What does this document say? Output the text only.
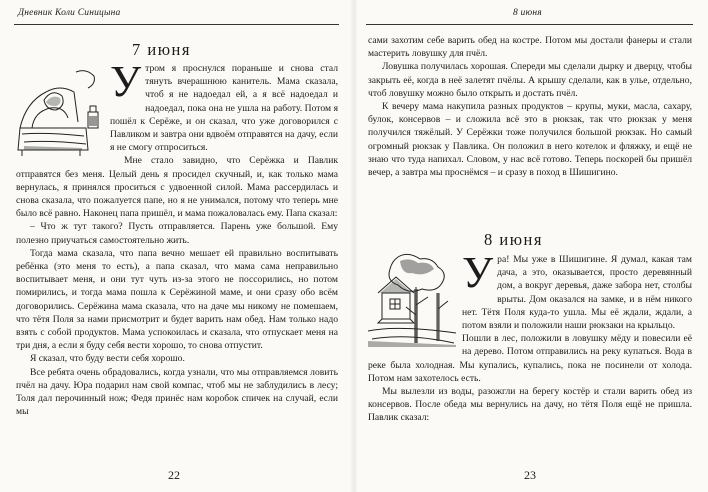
Дневник Коли Синицына
7 июня
У тром я проснулся пораньше и снова стал тянуть вчерашнюю канитель. Мама сказала, чтоб я не надоедал ей, а я всё надоедал и надоедал, пока она не ушла на работу. Потом я пошёл к Серёже, и он сказал, что уже договорился с Павликом и завтра они вдвоём отправятся на дачу, если я не смогу отпроситься.

Мне стало завидно, что Серёжка и Павлик отправятся без меня. Целый день я просидел скучный, и, как только мама вернулась, я принялся проситься с удвоенной силой. Мама рассердилась и снова сказала, что пожалуется папе, но я не унимался, потому что теперь мне было всё равно. Наконец папа пришёл, и мама пожаловалась ему. Папа сказал:

– Что ж тут такого? Пусть отправляется. Парень уже большой. Ему полезно приучаться самостоятельно жить.

Тогда мама сказала, что папа вечно мешает ей правильно воспитывать ребёнка (это меня то есть), а папа сказал, что мама сама неправильно воспитывает меня, и они тут чуть из-за этого не поссорились, но потом помирились, и тогда мама пошла к Серёжиной маме, и они сразу обо всём договорились. Серёжина мама сказала, что на даче мы никому не помешаем, что тётя Поля за нами присмотрит и будет варить нам обед. Нам только надо взять с собой продуктов. Мама успокоилась и сказала, что отпускает меня на три дня, а если я буду себя вести хорошо, то снова отпустит.

Я сказал, что буду вести себя хорошо.

Все ребята очень обрадовались, когда узнали, что мы отправляемся ловить пчёл на дачу. Юра подарил нам свой компас, чтоб мы не заблудились в лесу; Толя дал перочинный нож; Федя принёс нам коробок спичек на случай, если мы

22
8 июня

сами захотим себе варить обед на костре. Потом мы достали фанеры и стали мастерить ловушку для пчёл.

Ловушка получилась хорошая. Спереди мы сделали дырку и дверцу, чтобы закрыть её, когда в неё залетят пчёлы. А крышу сделали, как в улье, отдельно, чтоб ловушку можно было открыть и достать пчёл.

К вечеру мама накупила разных продуктов – крупы, муки, масла, сахару, булок, консервов – и сложила всё это в рюкзак, так что рюкзак у меня получился тяжёлый. У Серёжки тоже получился большой рюкзак. Но самый огромный рюкзак у Павлика. Он положил в него котелок и фляжку, и ещё не знаю что туда напихал. Словом, у нас всё готово. Теперь поскорей бы пришёл вечер, а завтра мы проснёмся – и сразу в поход в Шишигино.

8 июня
У ра! Мы уже в Шишигине. Я думал, какая там дача, а это, оказывается, просто деревянный дом, а вокруг деревья, даже забора нет, столбы врыты. Дом оказался на замке, и в нём никого нет. Тётя Поля куда-то ушла. Мы её ждали, ждали, а потом взяли и положили наши рюкзаки на крыльцо.

Пошли в лес, положили в ловушку мёду и повесили её на дерево. Потом отправились на реку купаться. Вода в реке была холодная. Мы купались, купались, пока не посинели от холода. Потом нам захотелось есть.

Мы вылезли из воды, разожгли на берегу костёр и стали варить обед из консервов. После обеда мы вернулись на дачу, но тётя Поля ещё не пришла. Павлик сказал:

23
